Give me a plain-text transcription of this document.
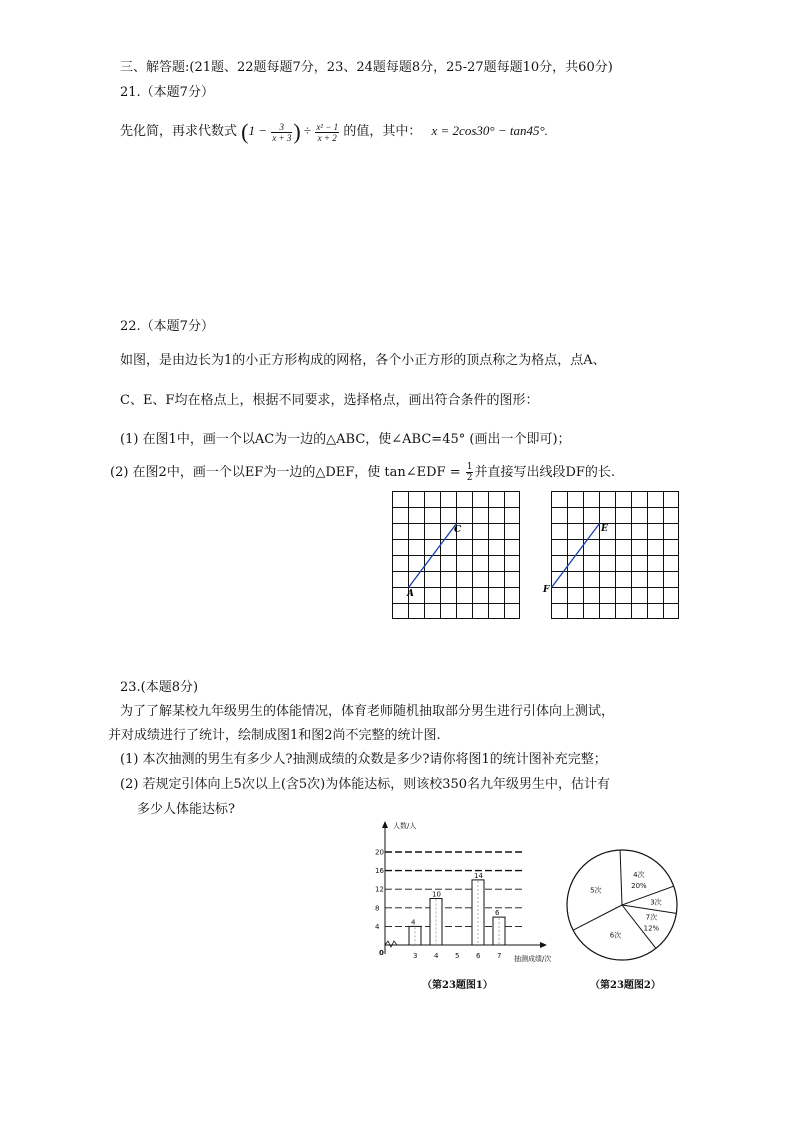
三、解答题:(21题、22题每题7分，23、24题每题8分，25-27题每题10分，共60分)
21.（本题7分）
先化简，再求代数式 ($1 - \frac{3}{x + 3}$ ) ÷ $\frac{\text{x² − 1}}{x + 2}$ 的值，其中： x = 2cos30° − tan45°.
22.（本题7分）
如图，是由边长为1的小正方形构成的网格，各个小正方形的顶点称之为格点，点A、
C、E、F均在格点上，根据不同要求，选择格点，画出符合条件的图形：
(1) 在图1中，画一个以AC为一边的△ABC，使∠ABC=45° (画出一个即可)；
(2) 在图2中，画一个以EF为一边的△DEF，使 tan∠EDF = $\frac{1}{2}$ 并直接写出线段DF的长.
A
C	E
F
23.(本题8分)
为了了解某校九年级男生的体能情况，体育老师随机抽取部分男生进行引体向上测试，
并对成绩进行了统计，绘制成图1和图2尚不完整的统计图.
(1) 本次抽测的男生有多少人?抽测成绩的众数是多少?请你将图1的统计图补充完整；
(2) 若规定引体向上5次以上(含5次)为体能达标，则该校350名九年级男生中，估计有
多少人体能达标?
人数/人
抽测成绩/次
0
4
8
12
16
20
3 4 5 6 7
4
10
14
6
（第23题图1）
4次
20%
3次
7次
12%
6次
5次
（第23题图2）
